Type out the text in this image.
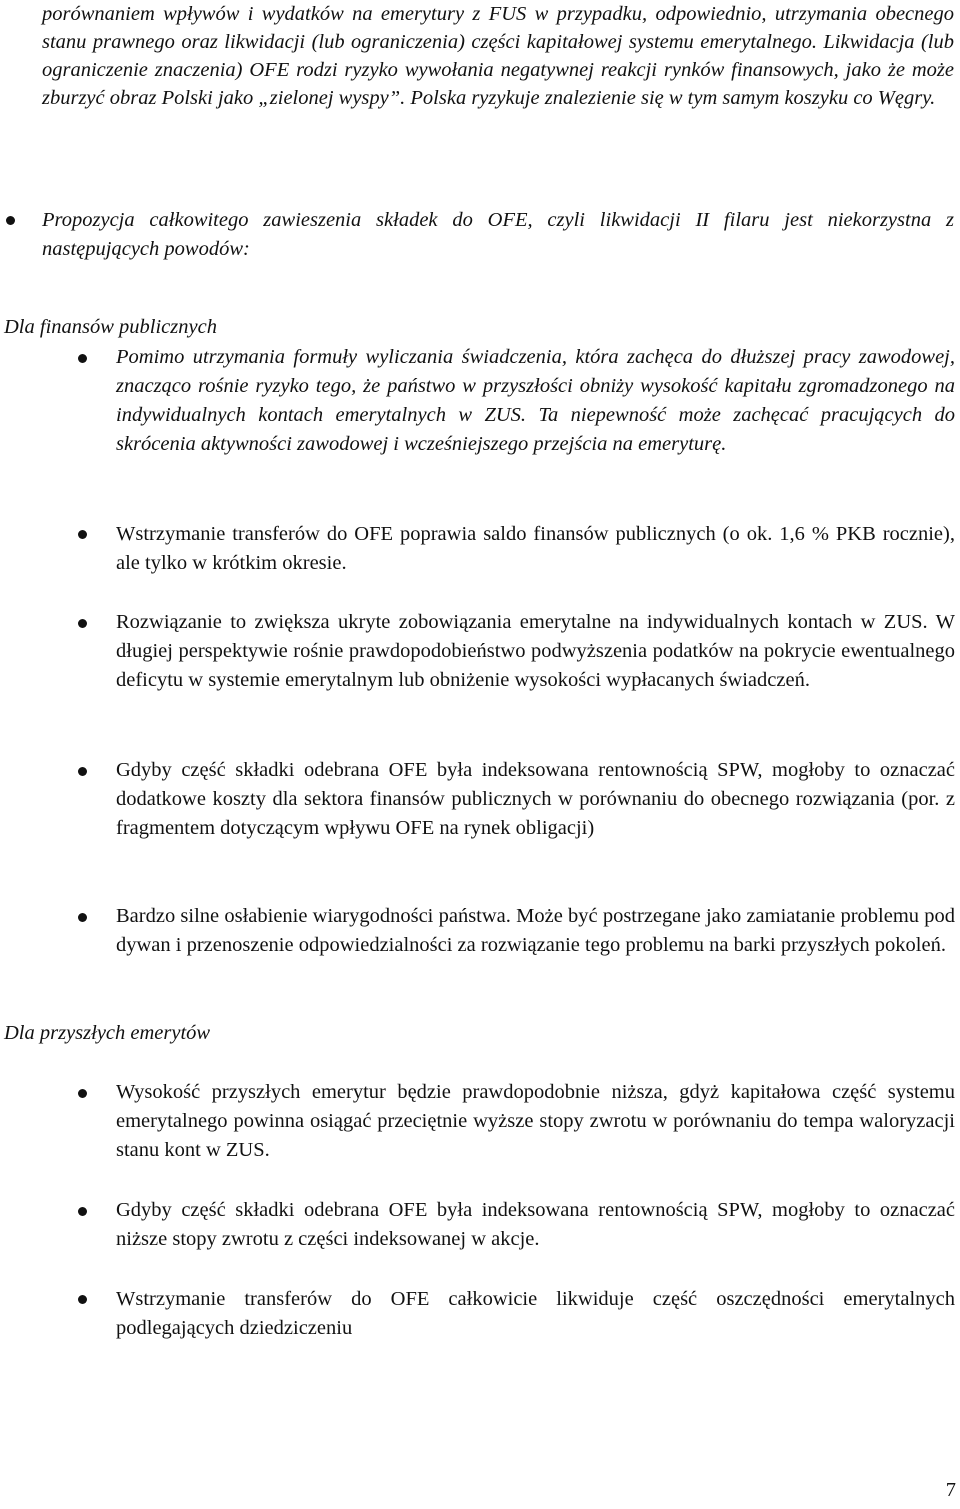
porównaniem wpływów i wydatków na emerytury z FUS w przypadku, odpowiednio, utrzymania obecnego stanu prawnego oraz likwidacji (lub ograniczenia) części kapitałowej systemu emerytalnego. Likwidacja (lub ograniczenie znaczenia) OFE rodzi ryzyko wywołania negatywnej reakcji rynków finansowych, jako że może zburzyć obraz Polski jako „zielonej wyspy”. Polska ryzykuje znalezienie się w tym samym koszyku co Węgry.

Propozycja całkowitego zawieszenia składek do OFE, czyli likwidacji II filaru jest niekorzystna z następujących powodów:

Dla finansów publicznych

Pomimo utrzymania formuły wyliczania świadczenia, która zachęca do dłuższej pracy zawodowej, znacząco rośnie ryzyko tego, że państwo w przyszłości obniży wysokość kapitału zgromadzonego na indywidualnych kontach emerytalnych w ZUS. Ta niepewność może zachęcać pracujących do skrócenia aktywności zawodowej i wcześniejszego przejścia na emeryturę.

Wstrzymanie transferów do OFE poprawia saldo finansów publicznych (o ok. 1,6 % PKB rocznie), ale tylko w krótkim okresie.

Rozwiązanie to zwiększa ukryte zobowiązania emerytalne na indywidualnych kontach w ZUS. W długiej perspektywie rośnie prawdopodobieństwo podwyższenia podatków na pokrycie ewentualnego deficytu w systemie emerytalnym lub obniżenie wysokości wypłacanych świadczeń.

Gdyby część składki odebrana OFE była indeksowana rentownością SPW, mogłoby to oznaczać dodatkowe koszty dla sektora finansów publicznych w porównaniu do obecnego rozwiązania (por. z fragmentem dotyczącym wpływu OFE na rynek obligacji)

Bardzo silne osłabienie wiarygodności państwa. Może być postrzegane jako zamiatanie problemu pod dywan i przenoszenie odpowiedzialności za rozwiązanie tego problemu na barki przyszłych pokoleń.

Dla przyszłych emerytów

Wysokość przyszłych emerytur będzie prawdopodobnie niższa, gdyż kapitałowa część systemu emerytalnego powinna osiągać przeciętnie wyższe stopy zwrotu w porównaniu do tempa waloryzacji stanu kont w ZUS.

Gdyby część składki odebrana OFE była indeksowana rentownością SPW, mogłoby to oznaczać niższe stopy zwrotu z części indeksowanej w akcje.

Wstrzymanie transferów do OFE całkowicie likwiduje część oszczędności emerytalnych podlegających dziedziczeniu

7
